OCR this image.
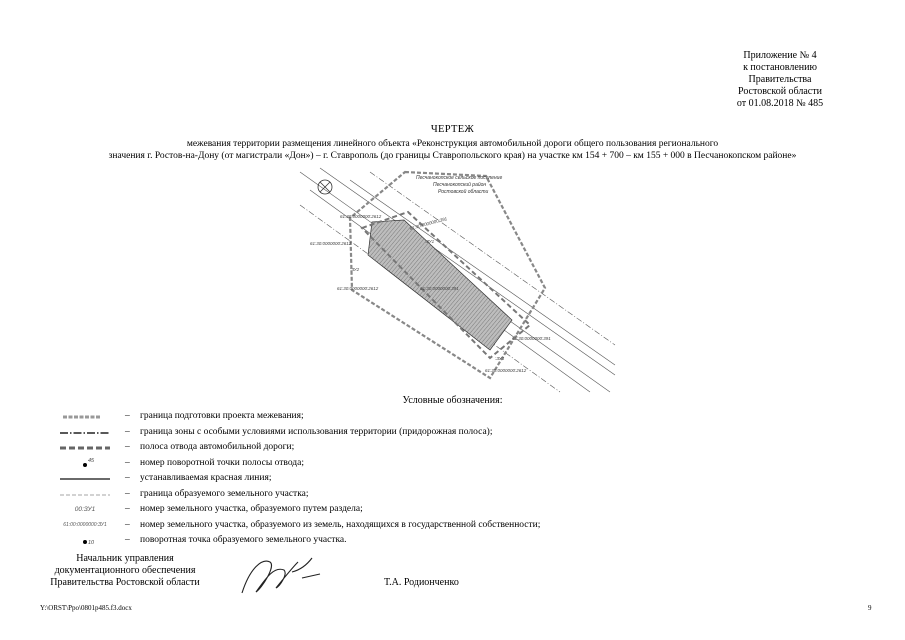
Приложение № 4
к постановлению
Правительства
Ростовской области
от 01.08.2018 № 485
ЧЕРТЕЖ
межевания территории размещения линейного объекта «Реконструкция автомобильной дороги общего пользования регионального
значения г. Ростов-на-Дону (от магистрали «Дон») – г. Ставрополь (до границы Ставропольского края) на участке км 154 + 700 – км 155 + 000 в Песчанокопском районе»
Песчанокопское сельское поселение
Песчанокопский район
Ростовской области
61:30:0000000:2612	61:30:0000000:391
61:30:0000000:2612	:ЗУ1
:ЗУ2
61:30:0000000:2612	61:30:0000000:391
61:30:0000000:391
:ЗУ3
61:30:0000000:2612
Условные обозначения:
– граница подготовки проекта межевания;
– граница зоны с особыми условиями использования территории (придорожная полоса);
– полоса отвода автомобильной дороги;
45	– номер поворотной точки полосы отвода;
– устанавливаемая красная линия;
– граница образуемого земельного участка;
00:ЗУ1	– номер земельного участка, образуемого путем раздела;
61:00:0000000:ЗУ1	– номер земельного участка, образуемого из земель, находящихся в государственной собственности;
10	– поворотная точка образуемого земельного участка.
Начальник управления
документационного обеспечения
Правительства Ростовской области	Т.А. Родионченко
Y:\ORST\Ppo\0801p485.f3.docx	9
